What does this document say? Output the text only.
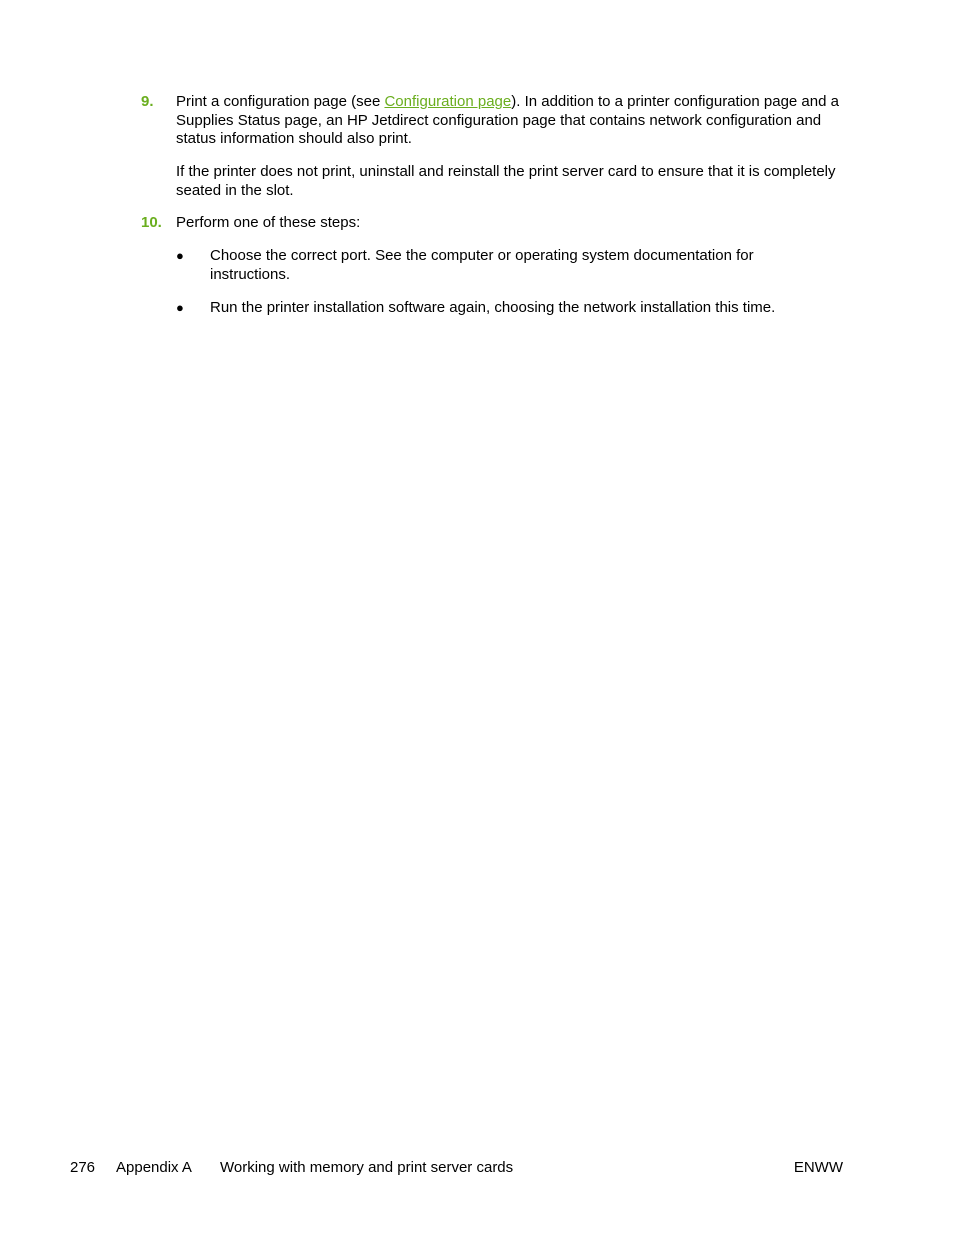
9. Print a configuration page (see Configuration page). In addition to a printer configuration page and a Supplies Status page, an HP Jetdirect configuration page that contains network configuration and status information should also print.

If the printer does not print, uninstall and reinstall the print server card to ensure that it is completely seated in the slot.

10. Perform one of these steps:

● Choose the correct port. See the computer or operating system documentation for instructions.

● Run the printer installation software again, choosing the network installation this time.

276 Appendix A Working with memory and print server cards	ENWW
